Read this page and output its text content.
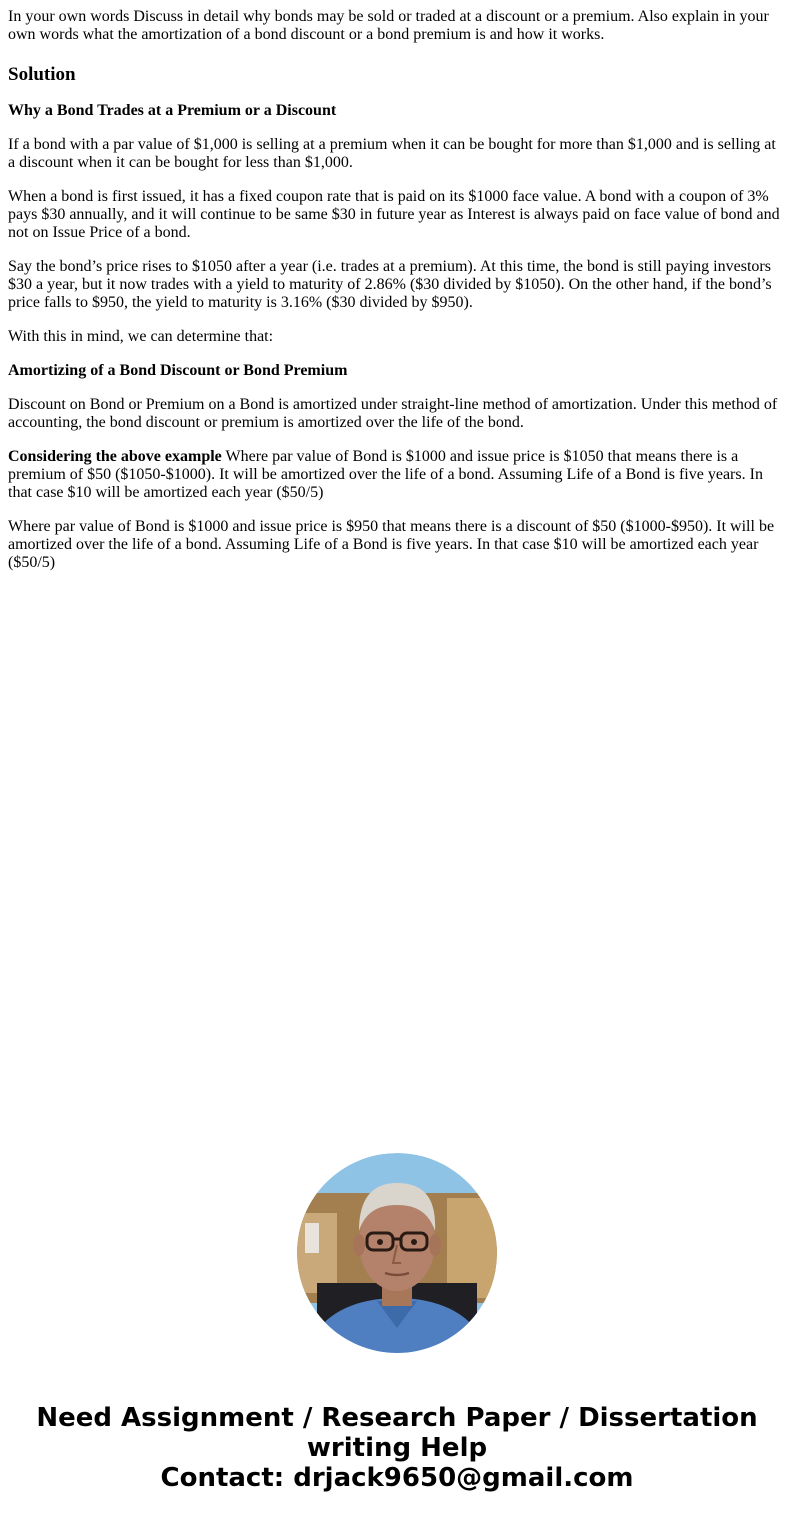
In your own words Discuss in detail why bonds may be sold or traded at a discount or a premium. Also explain in your own words what the amortization of a bond discount or a bond premium is and how it works.

Solution
Why a Bond Trades at a Premium or a Discount

If a bond with a par value of $1,000 is selling at a premium when it can be bought for more than $1,000 and is selling at a discount when it can be bought for less than $1,000.

When a bond is first issued, it has a fixed coupon rate that is paid on its $1000 face value. A bond with a coupon of 3% pays $30 annually, and it will continue to be same $30 in future year as Interest is always paid on face value of bond and not on Issue Price of a bond.

Say the bond’s price rises to $1050 after a year (i.e. trades at a premium). At this time, the bond is still paying investors $30 a year, but it now trades with a yield to maturity of 2.86% ($30 divided by $1050). On the other hand, if the bond’s price falls to $950, the yield to maturity is 3.16% ($30 divided by $950).

With this in mind, we can determine that:

Amortizing of a Bond Discount or Bond Premium

Discount on Bond or Premium on a Bond is amortized under straight-line method of amortization. Under this method of accounting, the bond discount or premium is amortized over the life of the bond.

Considering the above example Where par value of Bond is $1000 and issue price is $1050 that means there is a premium of $50 ($1050-$1000). It will be amortized over the life of a bond. Assuming Life of a Bond is five years. In that case $10 will be amortized each year ($50/5)

Where par value of Bond is $1000 and issue price is $950 that means there is a discount of $50 ($1000-$950). It will be amortized over the life of a bond. Assuming Life of a Bond is five years. In that case $10 will be amortized each year ($50/5)

Need Assignment / Research Paper / Dissertation
writing Help
Contact: drjack9650@gmail.com
